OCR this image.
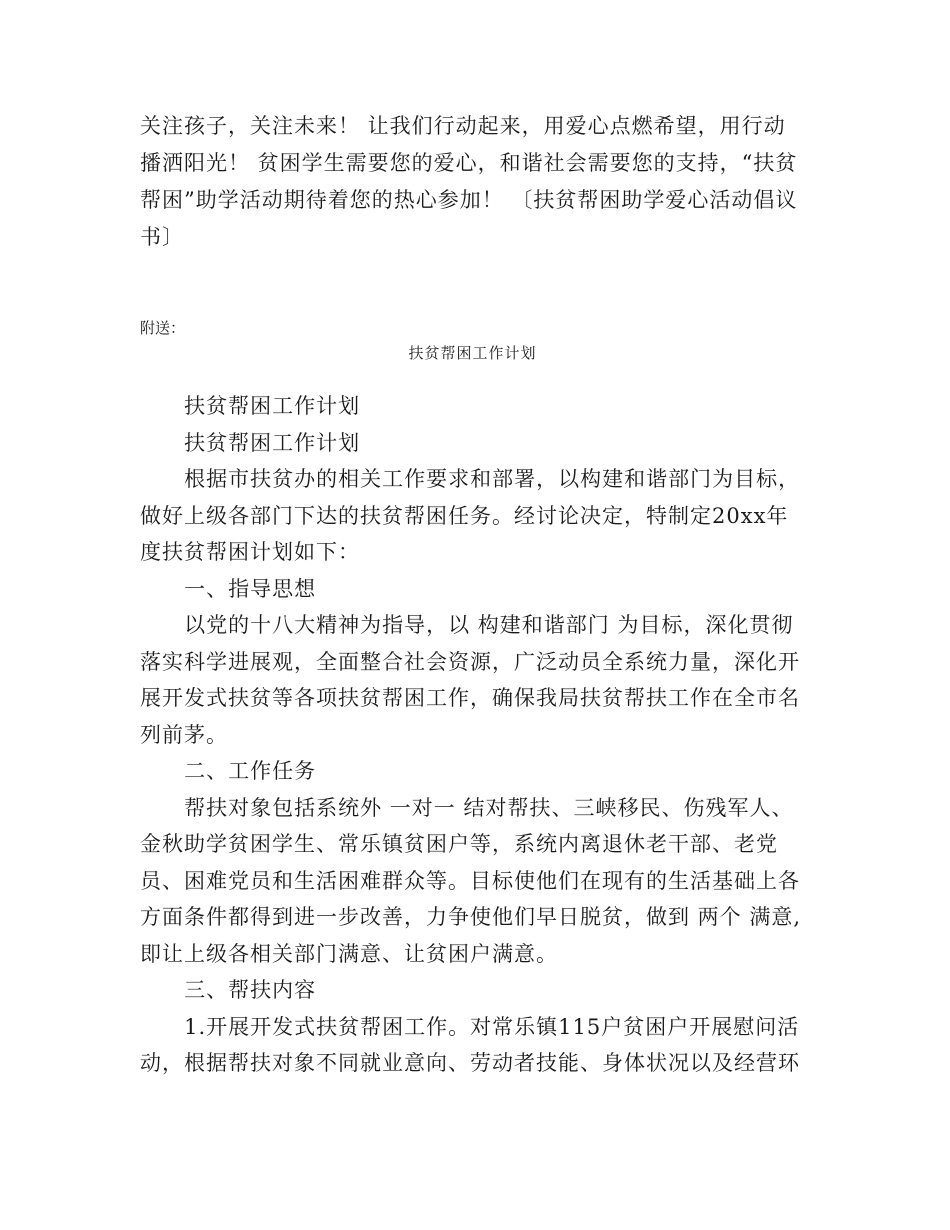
关注孩子，关注未来！ 让我们行动起来，用爱心点燃希望，用行动播洒阳光！ 贫困学生需要您的爱心，和谐社会需要您的支持，“扶贫帮困”助学活动期待着您的热心参加！ 〔扶贫帮困助学爱心活动倡议书〕
附送：
扶贫帮困工作计划

扶贫帮困工作计划

扶贫帮困工作计划

根据市扶贫办的相关工作要求和部署，以构建和谐部门为目标，做好上级各部门下达的扶贫帮困任务。经讨论决定，特制定20xx年度扶贫帮困计划如下：

一、指导思想

以党的十八大精神为指导，以 构建和谐部门 为目标，深化贯彻落实科学进展观，全面整合社会资源，广泛动员全系统力量，深化开展开发式扶贫等各项扶贫帮困工作，确保我局扶贫帮扶工作在全市名列前茅。

二、工作任务

帮扶对象包括系统外 一对一 结对帮扶、三峡移民、伤残军人、金秋助学贫困学生、常乐镇贫困户等，系统内离退休老干部、老党员、困难党员和生活困难群众等。目标使他们在现有的生活基础上各方面条件都得到进一步改善，力争使他们早日脱贫，做到 两个 满意,即让上级各相关部门满意、让贫困户满意。

三、帮扶内容

1.开展开发式扶贫帮困工作。对常乐镇115户贫困户开展慰问活动，根据帮扶对象不同就业意向、劳动者技能、身体状况以及经营环
